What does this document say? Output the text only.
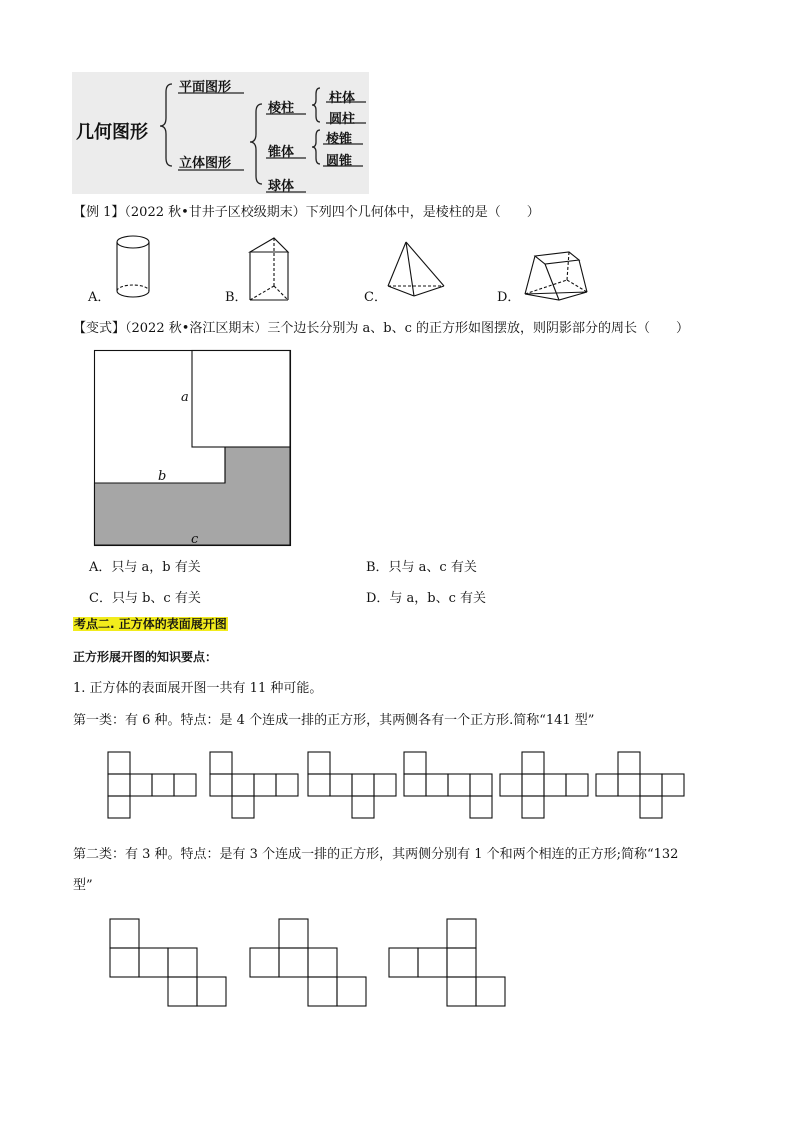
几何图形
平面图形
立体图形
棱柱
锥体
球体
柱体
圆柱
棱锥
圆锥
【例 1】（2022 秋•甘井子区校级期末）下列四个几何体中，是棱柱的是（　　）
A．	B．	C．	D．
【变式】（2022 秋•洛江区期末）三个边长分别为 a、b、c 的正方形如图摆放，则阴影部分的周长（　　）
a
b
c
A．只与 a，b 有关	B．只与 a、c 有关
C．只与 b、c 有关	D．与 a，b、c 有关
考点二. 正方体的表面展开图
正方形展开图的知识要点：
1. 正方体的表面展开图一共有 11 种可能。
第一类：有 6 种。特点：是 4 个连成一排的正方形，其两侧各有一个正方形.简称“141 型”
第二类：有 3 种。特点：是有 3 个连成一排的正方形，其两侧分别有 1 个和两个相连的正方形;简称“132
型”
